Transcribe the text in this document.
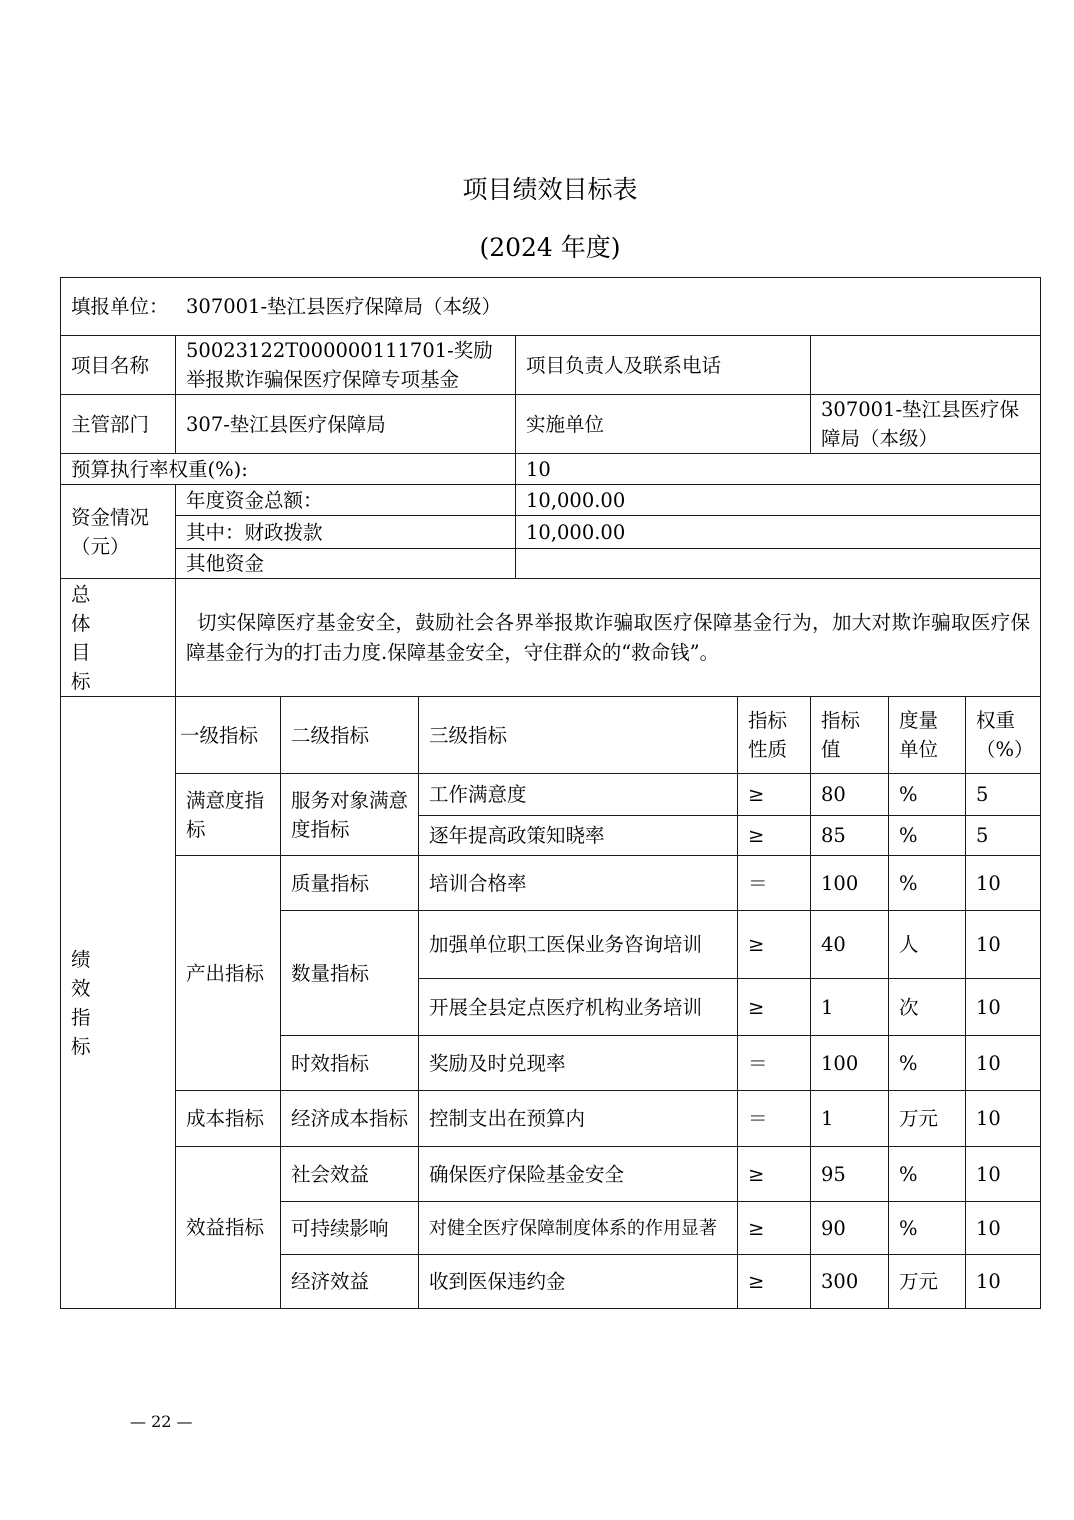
项目绩效目标表
(2024 年度)
填报单位： 307001-垫江县医疗保障局（本级）								
项目名称	50023122T000000111701-奖励举报欺诈骗保医疗保障专项基金			项目负责人及联系电话				
主管部门	307-垫江县医疗保障局			实施单位		307001-垫江县医疗保障局（本级）		
预算执行率权重(%):				10				
资金情况（元）	年度资金总额：			10,000.00				
	其中：财政拨款			10,000.00				
	其他资金							
总体目标	切实保障医疗基金安全，鼓励社会各界举报欺诈骗取医疗保障基金行为，加大对欺诈骗取医疗保障基金行为的打击力度.保障基金安全，守住群众的“救命钱”。							

绩效指标	一级指标	二级指标	三级指标		指标性质	指标值	度量单位	权重（%）
	满意度指标	服务对象满意度指标	工作满意度		≥	80	%	5
			逐年提高政策知晓率		≥	85	%	5
	产出指标	质量指标	培训合格率		＝	100	%	10
		数量指标	加强单位职工医保业务咨询培训		≥	40	人	10
			开展全县定点医疗机构业务培训		≥	1	次	10
		时效指标	奖励及时兑现率		＝	100	%	10
	成本指标	经济成本指标	控制支出在预算内		＝	1	万元	10
	效益指标	社会效益	确保医疗保险基金安全		≥	95	%	10
		可持续影响	对健全医疗保障制度体系的作用显著		≥	90	%	10
		经济效益	收到医保违约金		≥	300	万元	10
— 22 —
